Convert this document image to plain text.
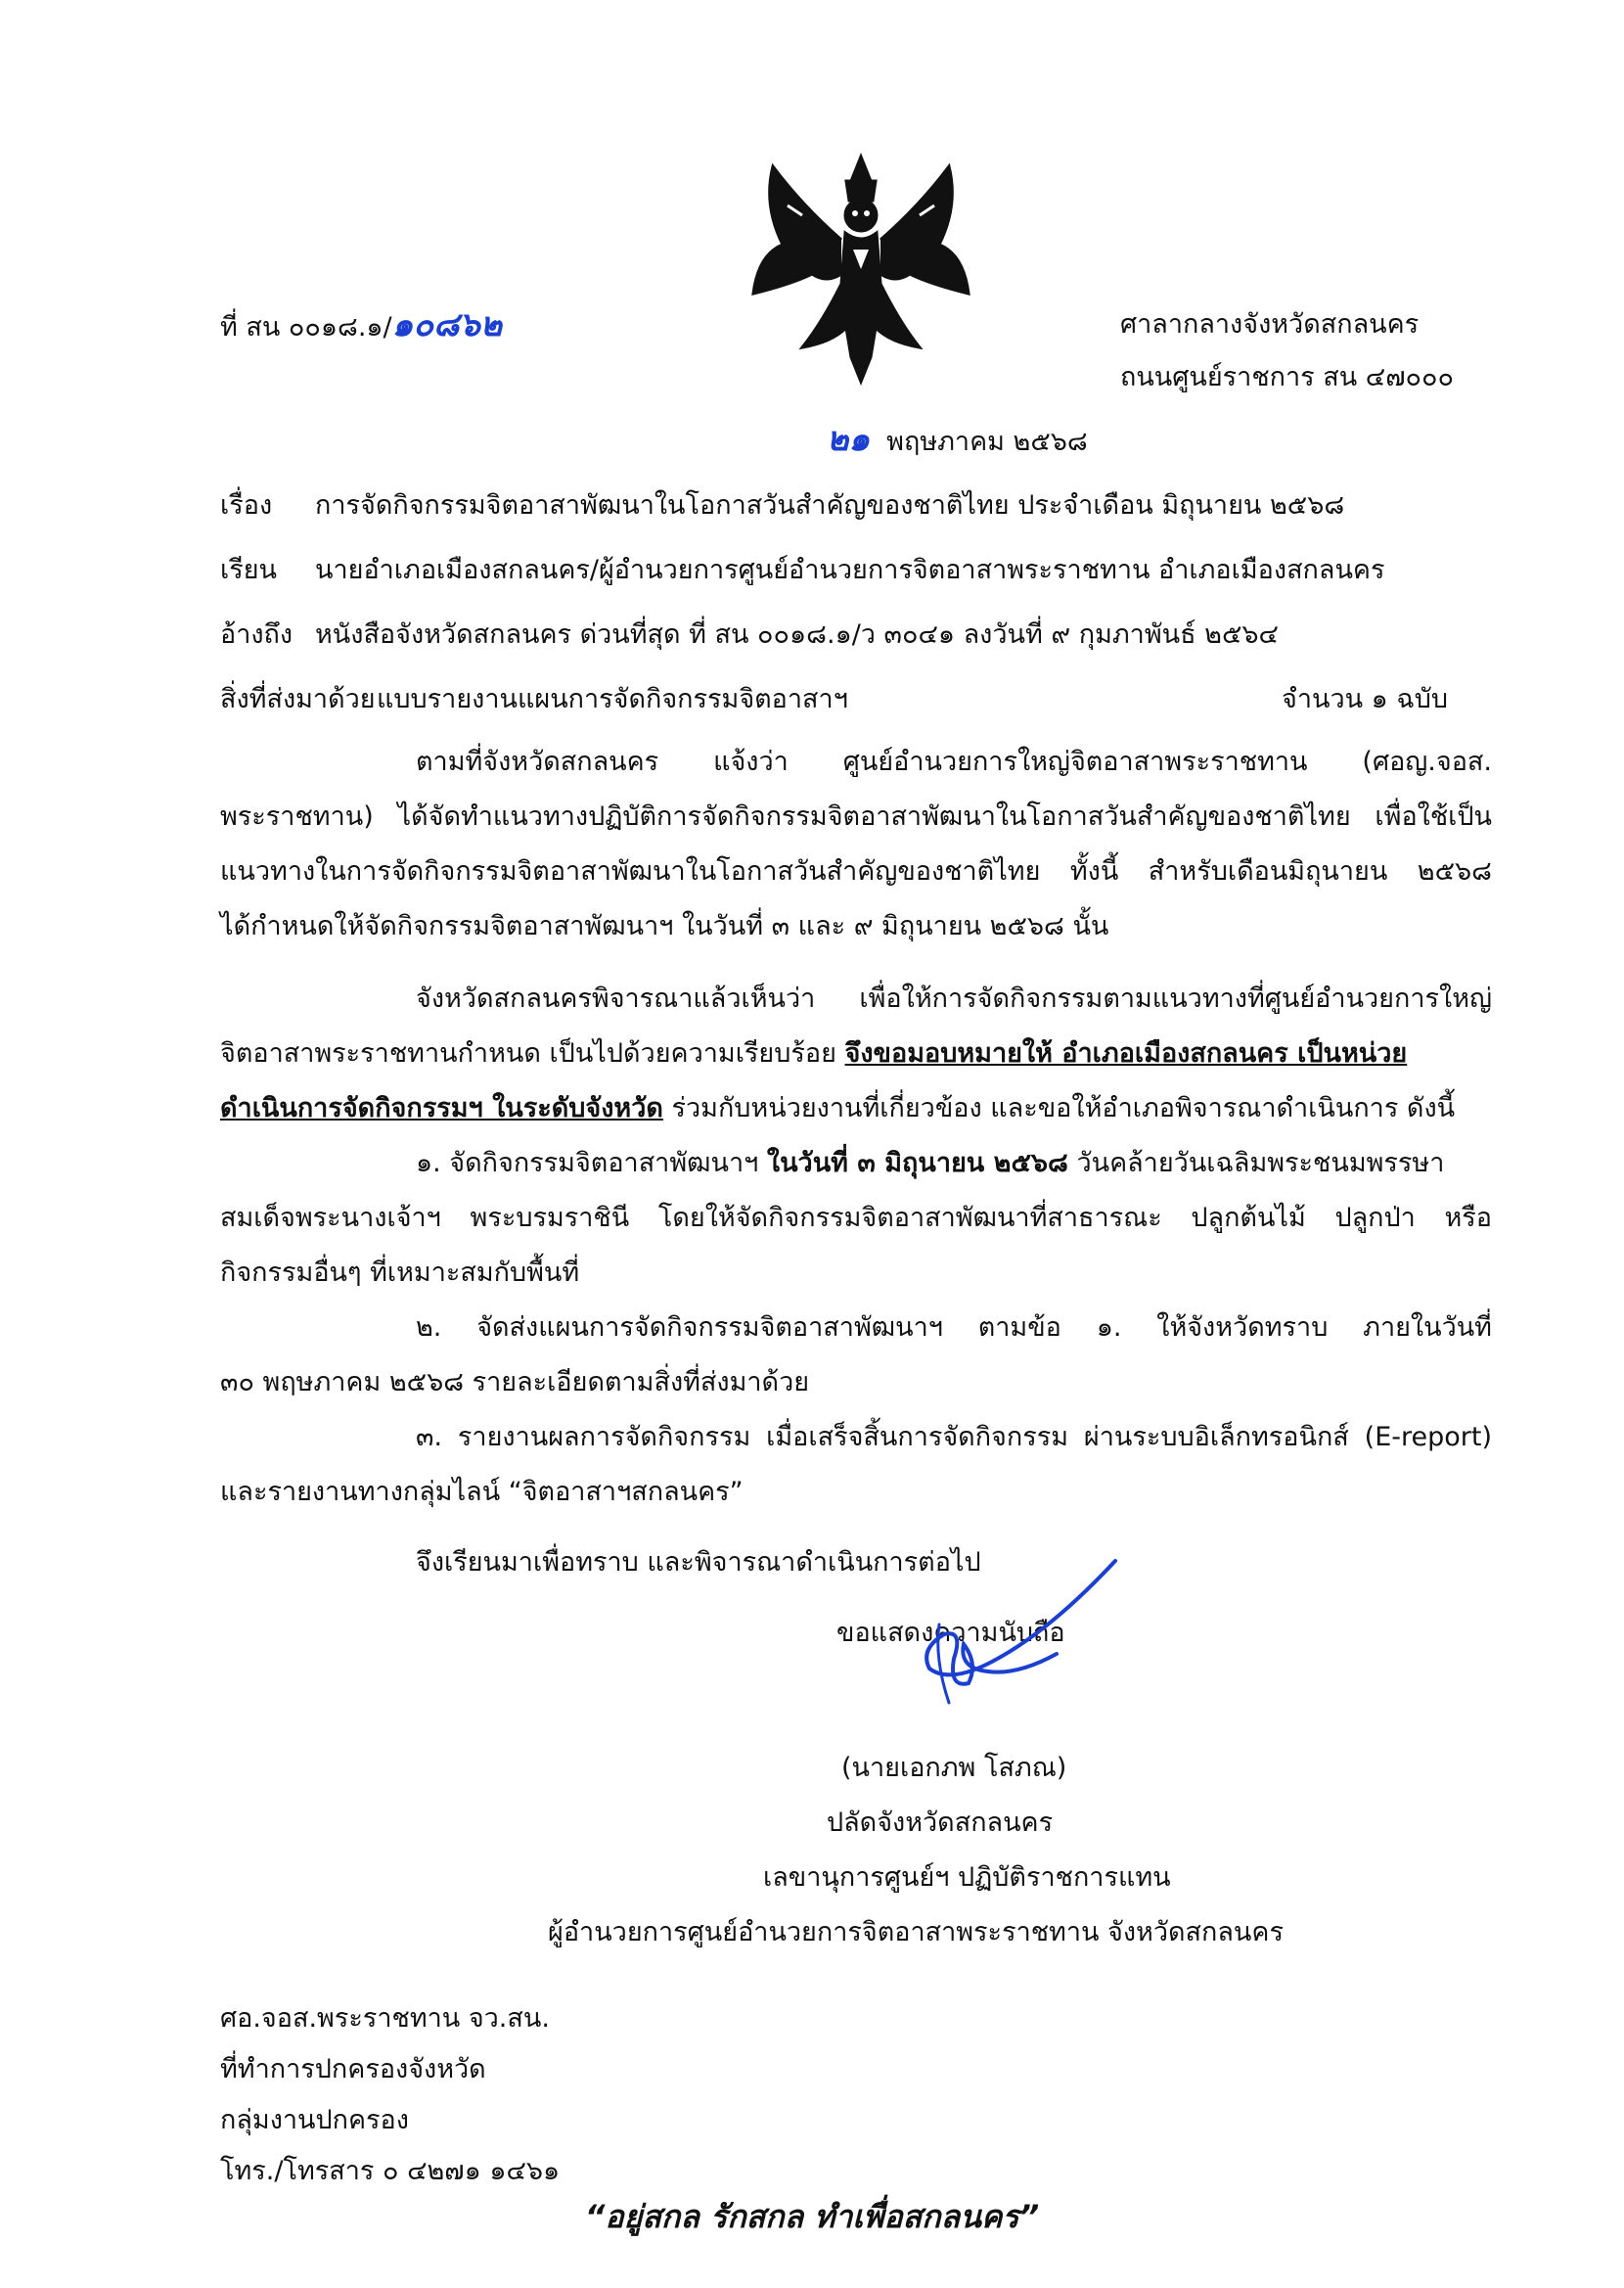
ที่ สน ๐๐๑๘.๑/๑๐๘๖๒	ศาลากลางจังหวัดสกลนคร
ถนนศูนย์ราชการ สน ๔๗๐๐๐
๒๑ พฤษภาคม ๒๕๖๘
เรื่อง การจัดกิจกรรมจิตอาสาพัฒนาในโอกาสวันสำคัญของชาติไทย ประจำเดือน มิถุนายน ๒๕๖๘
เรียน นายอำเภอเมืองสกลนคร/ผู้อำนวยการศูนย์อำนวยการจิตอาสาพระราชทาน อำเภอเมืองสกลนคร
อ้างถึง หนังสือจังหวัดสกลนคร ด่วนที่สุด ที่ สน ๐๐๑๘.๑/ว ๓๐๔๑ ลงวันที่ ๙ กุมภาพันธ์ ๒๕๖๔
สิ่งที่ส่งมาด้วย แบบรายงานแผนการจัดกิจกรรมจิตอาสาฯ	จำนวน ๑ ฉบับ
ตามที่จังหวัดสกลนคร แจ้งว่า ศูนย์อำนวยการใหญ่จิตอาสาพระราชทาน (ศอญ.จอส.
พระราชทาน) ได้จัดทำแนวทางปฏิบัติการจัดกิจกรรมจิตอาสาพัฒนาในโอกาสวันสำคัญของชาติไทย เพื่อใช้เป็น
แนวทางในการจัดกิจกรรมจิตอาสาพัฒนาในโอกาสวันสำคัญของชาติไทย ทั้งนี้ สำหรับเดือนมิถุนายน ๒๕๖๘
ได้กำหนดให้จัดกิจกรรมจิตอาสาพัฒนาฯ ในวันที่ ๓ และ ๙ มิถุนายน ๒๕๖๘ นั้น
จังหวัดสกลนครพิจารณาแล้วเห็นว่า เพื่อให้การจัดกิจกรรมตามแนวทางที่ศูนย์อำนวยการใหญ่
จิตอาสาพระราชทานกำหนด เป็นไปด้วยความเรียบร้อย จึงขอมอบหมายให้ อำเภอเมืองสกลนคร เป็นหน่วย
ดำเนินการจัดกิจกรรมฯ ในระดับจังหวัด ร่วมกับหน่วยงานที่เกี่ยวข้อง และขอให้อำเภอพิจารณาดำเนินการ ดังนี้
๑. จัดกิจกรรมจิตอาสาพัฒนาฯ ในวันที่ ๓ มิถุนายน ๒๕๖๘ วันคล้ายวันเฉลิมพระชนมพรรษา
สมเด็จพระนางเจ้าฯ พระบรมราชินี โดยให้จัดกิจกรรมจิตอาสาพัฒนาที่สาธารณะ ปลูกต้นไม้ ปลูกป่า หรือ
กิจกรรมอื่นๆ ที่เหมาะสมกับพื้นที่
๒. จัดส่งแผนการจัดกิจกรรมจิตอาสาพัฒนาฯ ตามข้อ ๑. ให้จังหวัดทราบ ภายในวันที่
๓๐ พฤษภาคม ๒๕๖๘ รายละเอียดตามสิ่งที่ส่งมาด้วย
๓. รายงานผลการจัดกิจกรรม เมื่อเสร็จสิ้นการจัดกิจกรรม ผ่านระบบอิเล็กทรอนิกส์ (E-report)
และรายงานทางกลุ่มไลน์ “จิตอาสาฯสกลนคร”
จึงเรียนมาเพื่อทราบ และพิจารณาดำเนินการต่อไป
ขอแสดงความนับถือ
(นายเอกภพ โสภณ)
ปลัดจังหวัดสกลนคร
เลขานุการศูนย์ฯ ปฏิบัติราชการแทน
ผู้อำนวยการศูนย์อำนวยการจิตอาสาพระราชทาน จังหวัดสกลนคร
ศอ.จอส.พระราชทาน จว.สน.
ที่ทำการปกครองจังหวัด
กลุ่มงานปกครอง
โทร./โทรสาร ๐ ๔๒๗๑ ๑๔๖๑
“อยู่สกล รักสกล ทำเพื่อสกลนคร”
